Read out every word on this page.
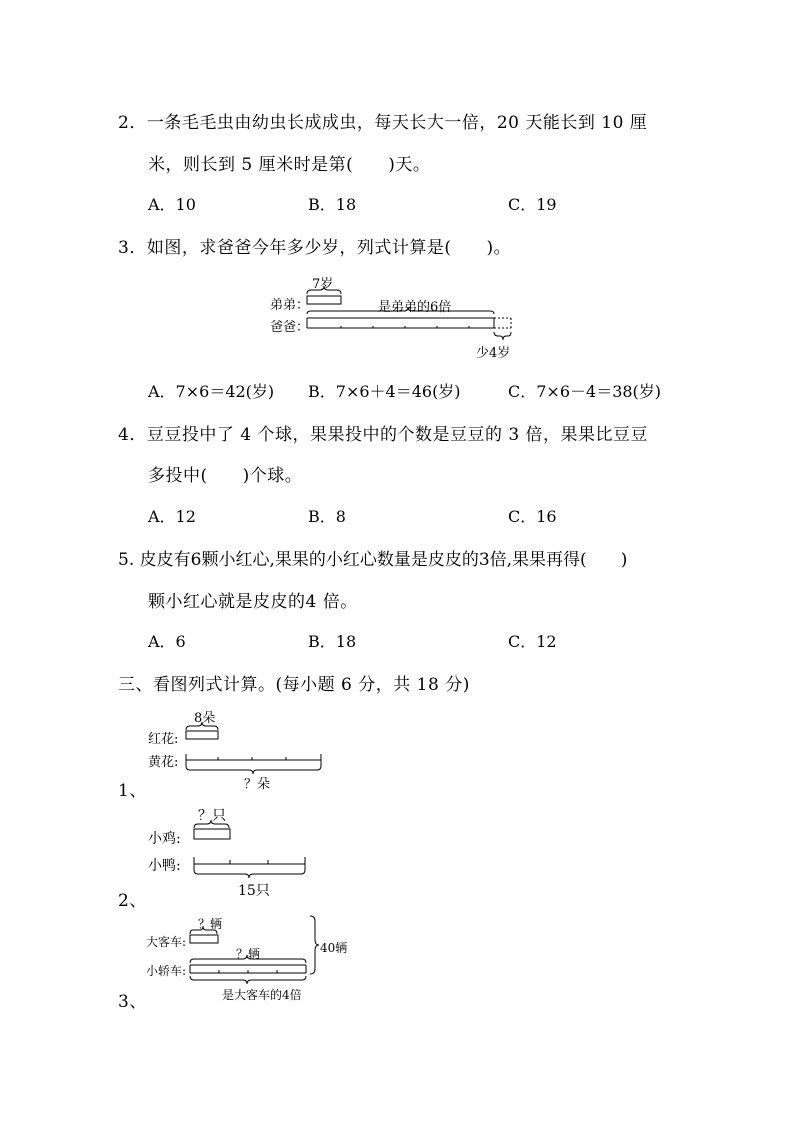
2．一条毛毛虫由幼虫长成成虫，每天长大一倍，20 天能长到 10 厘
米，则长到 5 厘米时是第(　　)天。
A．10	B．18	C．19
3．如图，求爸爸今年多少岁，列式计算是(　　)。
7岁
弟弟：
爸爸：
是弟弟的6倍
少4岁
A．7×6＝42(岁) B．7×6＋4＝46(岁)	C．7×6－4＝38(岁)
4．豆豆投中了 4 个球，果果投中的个数是豆豆的 3 倍，果果比豆豆
多投中(　　)个球。
A．12	B．8	C．16
5. 皮皮有6颗小红心,果果的小红心数量是皮皮的3倍,果果再得(　　)
颗小红心就是皮皮的4 倍。
A．6	B．18	C．12
三、看图列式计算。(每小题 6 分，共 18 分)
8朵
红花:
黄花:
？朵
1、
？只
小鸡:
小鸭:
15只
2、
？辆
大客车:
？辆
小轿车:
40辆
是大客车的4倍
3、
